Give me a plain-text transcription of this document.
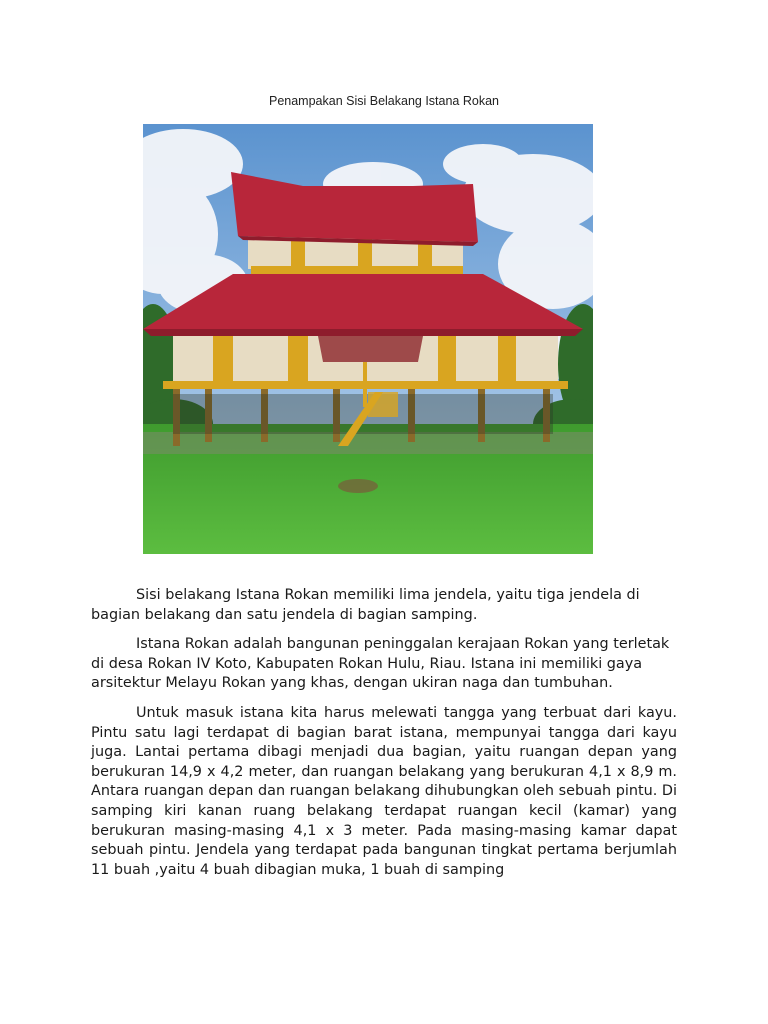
Penampakan Sisi Belakang Istana Rokan

Sisi belakang Istana Rokan memiliki lima jendela, yaitu tiga jendela di bagian belakang dan satu jendela di bagian samping.

Istana Rokan adalah bangunan peninggalan kerajaan Rokan yang terletak di desa Rokan IV Koto, Kabupaten Rokan Hulu, Riau. Istana ini memiliki gaya arsitektur Melayu Rokan yang khas, dengan ukiran naga dan tumbuhan.

Untuk masuk istana kita harus melewati tangga yang terbuat dari kayu. Pintu satu lagi terdapat di bagian barat istana, mempunyai tangga dari kayu juga. Lantai pertama dibagi menjadi dua bagian, yaitu ruangan depan yang berukuran 14,9 x 4,2 meter, dan ruangan belakang yang berukuran 4,1 x 8,9 m. Antara ruangan depan dan ruangan belakang dihubungkan oleh sebuah pintu. Di samping kiri kanan ruang belakang terdapat ruangan kecil (kamar) yang berukuran masing-masing 4,1 x 3 meter. Pada masing-masing kamar dapat sebuah pintu. Jendela yang terdapat pada bangunan tingkat pertama berjumlah 11 buah ,yaitu 4 buah dibagian muka, 1 buah di samping
